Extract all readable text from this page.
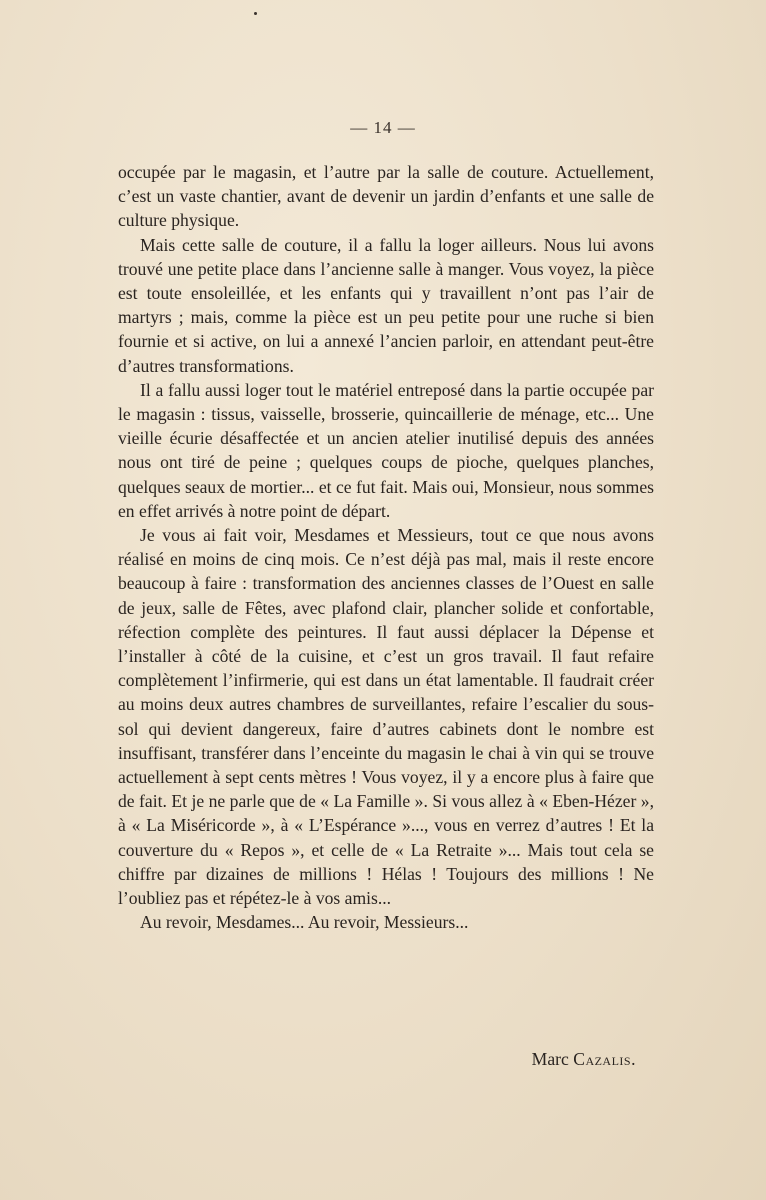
— 14 —

occupée par le magasin, et l’autre par la salle de couture. Actuellement, c’est un vaste chantier, avant de devenir un jardin d’enfants et une salle de culture physique.

Mais cette salle de couture, il a fallu la loger ailleurs. Nous lui avons trouvé une petite place dans l’ancienne salle à manger. Vous voyez, la pièce est toute ensoleillée, et les enfants qui y travaillent n’ont pas l’air de martyrs ; mais, comme la pièce est un peu petite pour une ruche si bien fournie et si active, on lui a annexé l’ancien parloir, en attendant peut-être d’autres transformations.

Il a fallu aussi loger tout le matériel entreposé dans la partie occupée par le magasin : tissus, vaisselle, brosserie, quincaillerie de ménage, etc... Une vieille écurie désaffectée et un ancien atelier inutilisé depuis des années nous ont tiré de peine ; quelques coups de pioche, quelques planches, quelques seaux de mortier... et ce fut fait. Mais oui, Monsieur, nous sommes en effet arrivés à notre point de départ.

Je vous ai fait voir, Mesdames et Messieurs, tout ce que nous avons réalisé en moins de cinq mois. Ce n’est déjà pas mal, mais il reste encore beaucoup à faire : transformation des anciennes classes de l’Ouest en salle de jeux, salle de Fêtes, avec plafond clair, plancher solide et confortable, réfection complète des peintures. Il faut aussi déplacer la Dépense et l’installer à côté de la cuisine, et c’est un gros travail. Il faut refaire complètement l’infirmerie, qui est dans un état lamentable. Il faudrait créer au moins deux autres chambres de surveillantes, refaire l’escalier du sous-sol qui devient dangereux, faire d’autres cabinets dont le nombre est insuffisant, transférer dans l’enceinte du magasin le chai à vin qui se trouve actuellement à sept cents mètres ! Vous voyez, il y a encore plus à faire que de fait. Et je ne parle que de « La Famille ». Si vous allez à « Eben-Hézer », à « La Miséricorde », à « L’Espérance »..., vous en verrez d’autres ! Et la couverture du « Repos », et celle de « La Retraite »... Mais tout cela se chiffre par dizaines de millions ! Hélas ! Toujours des millions ! Ne l’oubliez pas et répétez-le à vos amis...

Au revoir, Mesdames... Au revoir, Messieurs...

Marc Cazalis.
